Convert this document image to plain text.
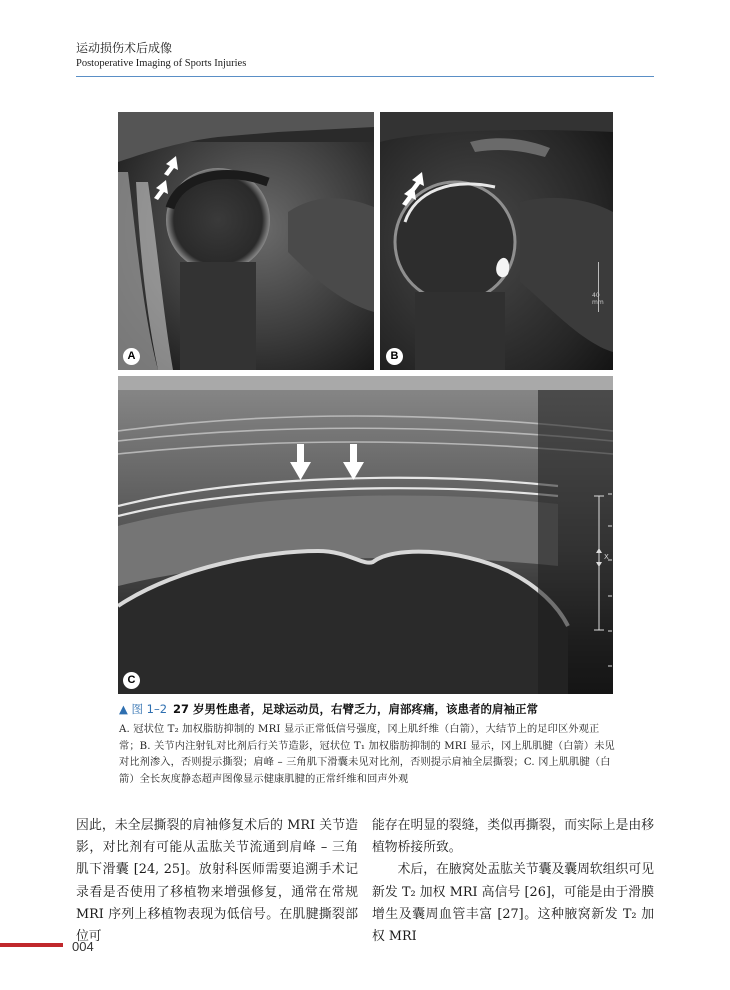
运动损伤术后成像
Postoperative Imaging of Sports Injuries
A
40 mm
B
X
C
▲ 图 1–2 27 岁男性患者，足球运动员，右臂乏力，肩部疼痛，该患者的肩袖正常
A. 冠状位 T₂ 加权脂肪抑制的 MRI 显示正常低信号强度，冈上肌纤维（白箭），大结节上的足印区外观正常；B. 关节内注射钆对比剂后行关节造影，冠状位 T₁ 加权脂肪抑制的 MRI 显示，冈上肌肌腱（白箭）未见对比剂渗入，否则提示撕裂；肩峰 – 三角肌下滑囊未见对比剂，否则提示肩袖全层撕裂；C. 冈上肌肌腱（白箭）全长灰度静态超声图像显示健康肌腱的正常纤维和回声外观

因此，未全层撕裂的肩袖修复术后的 MRI 关节造影，对比剂有可能从盂肱关节流通到肩峰 – 三角肌下滑囊 [24, 25]。放射科医师需要追溯手术记录看是否使用了移植物来增强修复，通常在常规 MRI 序列上移植物表现为低信号。在肌腱撕裂部位可

能存在明显的裂缝，类似再撕裂，而实际上是由移植物桥接所致。

术后，在腋窝处盂肱关节囊及囊周软组织可见新发 T₂ 加权 MRI 高信号 [26]，可能是由于滑膜增生及囊周血管丰富 [27]。这种腋窝新发 T₂ 加权 MRI

004
